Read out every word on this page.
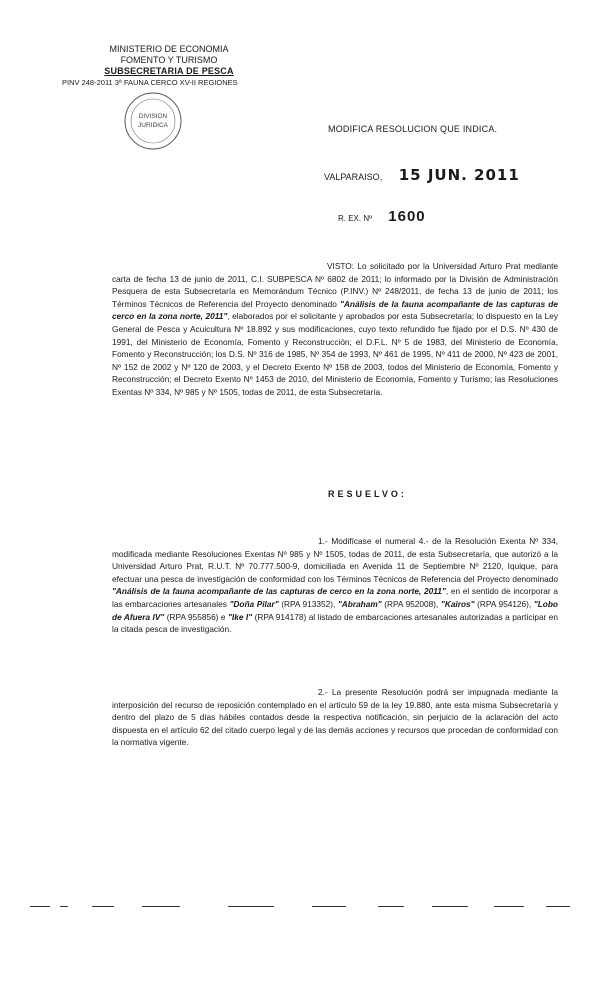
MINISTERIO DE ECONOMIA
FOMENTO Y TURISMO
SUBSECRETARIA DE PESCA
PINV 248-2011 3ª FAUNA CERCO XV-II REGIONES
DIVISION
JURIDICA	MODIFICA RESOLUCION QUE INDICA.
VALPARAISO, 15 JUN. 2011
R. EX. Nº 1600

VISTO: Lo solicitado por la Universidad Arturo Prat mediante carta de fecha 13 de junio de 2011, C.I. SUBPESCA Nº 6802 de 2011; lo informado por la División de Administración Pesquera de esta Subsecretaría en Memorándum Técnico (P.INV.) Nº 248/2011, de fecha 13 de junio de 2011; los Términos Técnicos de Referencia del Proyecto denominado "Análisis de la fauna acompañante de las capturas de cerco en la zona norte, 2011", elaborados por el solicitante y aprobados por esta Subsecretaría; lo dispuesto en la Ley General de Pesca y Acuicultura Nº 18.892 y sus modificaciones, cuyo texto refundido fue fijado por el D.S. Nº 430 de 1991, del Ministerio de Economía, Fomento y Reconstrucción; el D.F.L. Nº 5 de 1983, del Ministerio de Economía, Fomento y Reconstrucción; los D.S. Nº 316 de 1985, Nº 354 de 1993, Nº 461 de 1995, Nº 411 de 2000, Nº 423 de 2001, Nº 152 de 2002 y Nº 120 de 2003, y el Decreto Exento Nº 158 de 2003, todos del Ministerio de Economía, Fomento y Reconstrucción; el Decreto Exento Nº 1453 de 2010, del Ministerio de Economía, Fomento y Turismo; las Resoluciones Exentas Nº 334, Nº 985 y Nº 1505, todas de 2011, de esta Subsecretaría.

RESUELVO:

1.- Modifícase el numeral 4.- de la Resolución Exenta Nº 334, modificada mediante Resoluciones Exentas Nº 985 y Nº 1505, todas de 2011, de esta Subsecretaría, que autorizó a la Universidad Arturo Prat, R.U.T. Nº 70.777.500-9, domiciliada en Avenida 11 de Septiembre Nº 2120, Iquique, para efectuar una pesca de investigación de conformidad con los Términos Técnicos de Referencia del Proyecto denominado "Análisis de la fauna acompañante de las capturas de cerco en la zona norte, 2011", en el sentido de incorporar a las embarcaciones artesanales "Doña Pilar" (RPA 913352), "Abraham" (RPA 952008), "Kairos" (RPA 954126), "Lobo de Afuera IV" (RPA 955856) e "Ike I" (RPA 914178) al listado de embarcaciones artesanales autorizadas a participar en la citada pesca de investigación.

2.- La presente Resolución podrá ser impugnada mediante la interposición del recurso de reposición contemplado en el artículo 59 de la ley 19.880, ante esta misma Subsecretaría y dentro del plazo de 5 días hábiles contados desde la respectiva notificación, sin perjuicio de la aclaración del acto dispuesta en el artículo 62 del citado cuerpo legal y de las demás acciones y recursos que procedan de conformidad con la normativa vigente.
